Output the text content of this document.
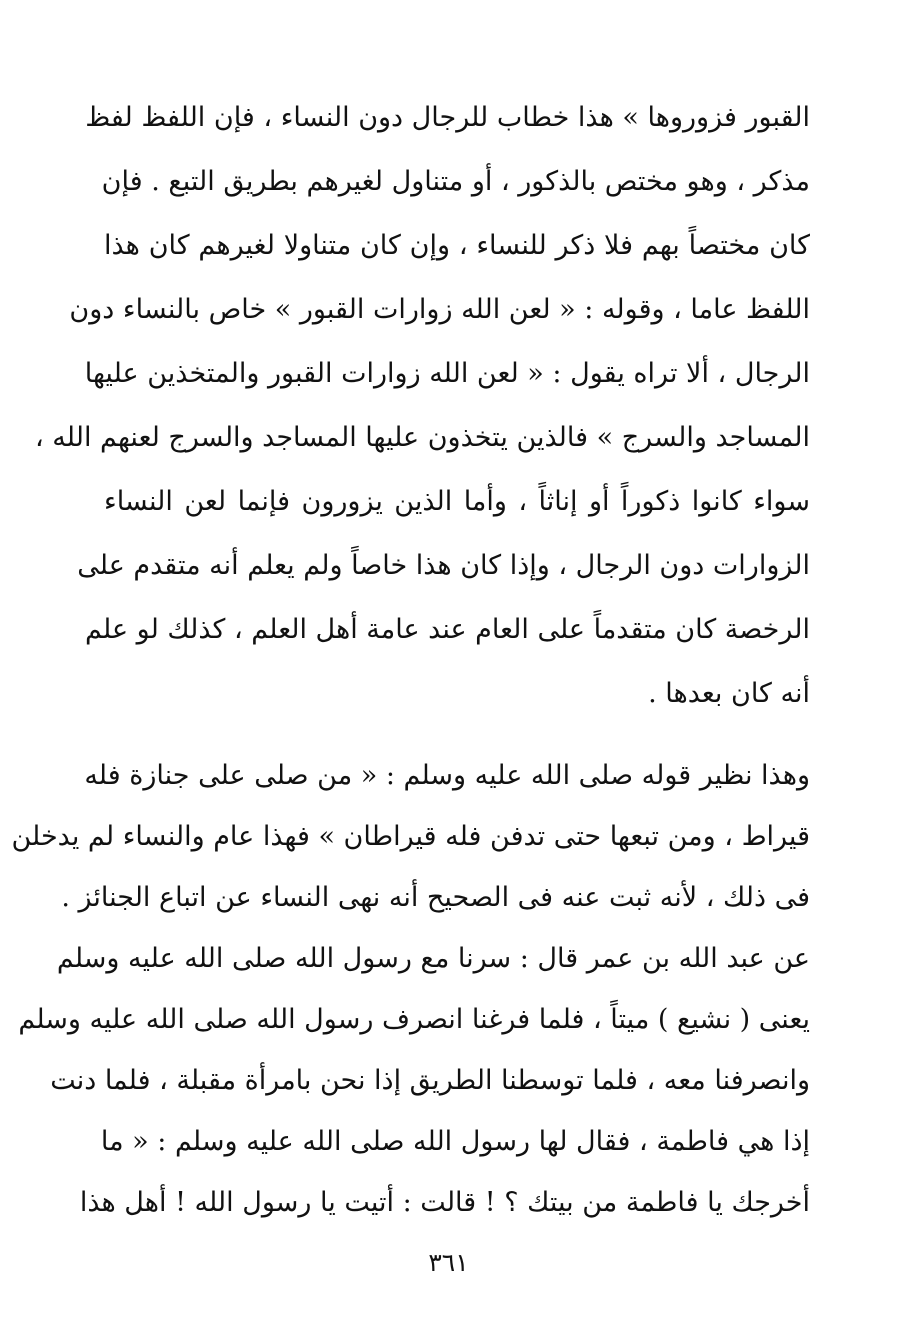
القبور فزوروها » هذا خطاب للرجال دون النساء ، فإن اللفظ لفظ
مذكر ، وهو مختص بالذكور ، أو متناول لغيرهم بطريق التبع . فإن
كان مختصاً بهم فلا ذكر للنساء ، وإن كان متناولا لغيرهم كان هذا
اللفظ عاما ، وقوله : « لعن الله زوارات القبور » خاص بالنساء دون
الرجال ، ألا تراه يقول : « لعن الله زوارات القبور والمتخذين عليها
المساجد والسرج » فالذين يتخذون عليها المساجد والسرج لعنهم الله ،
سواء كانوا ذكوراً أو إناثاً ، وأما الذين يزورون فإنما لعن النساء
الزوارات دون الرجال ، وإذا كان هذا خاصاً ولم يعلم أنه متقدم على
الرخصة كان متقدماً على العام عند عامة أهل العلم ، كذلك لو علم
أنه كان بعدها .
وهذا نظير قوله صلى الله عليه وسلم : « من صلى على جنازة فله
قيراط ، ومن تبعها حتى تدفن فله قيراطان » فهذا عام والنساء لم يدخلن
فى ذلك ، لأنه ثبت عنه فى الصحيح أنه نهى النساء عن اتباع الجنائز .
عن عبد الله بن عمر قال : سرنا مع رسول الله صلى الله عليه وسلم
يعنى ( نشيع ) ميتاً ، فلما فرغنا انصرف رسول الله صلى الله عليه وسلم
وانصرفنا معه ، فلما توسطنا الطريق إذا نحن بامرأة مقبلة ، فلما دنت
إذا هي فاطمة ، فقال لها رسول الله صلى الله عليه وسلم : « ما
أخرجك يا فاطمة من بيتك ؟ ! قالت : أتيت يا رسول الله ! أهل هذا
٣٦١
